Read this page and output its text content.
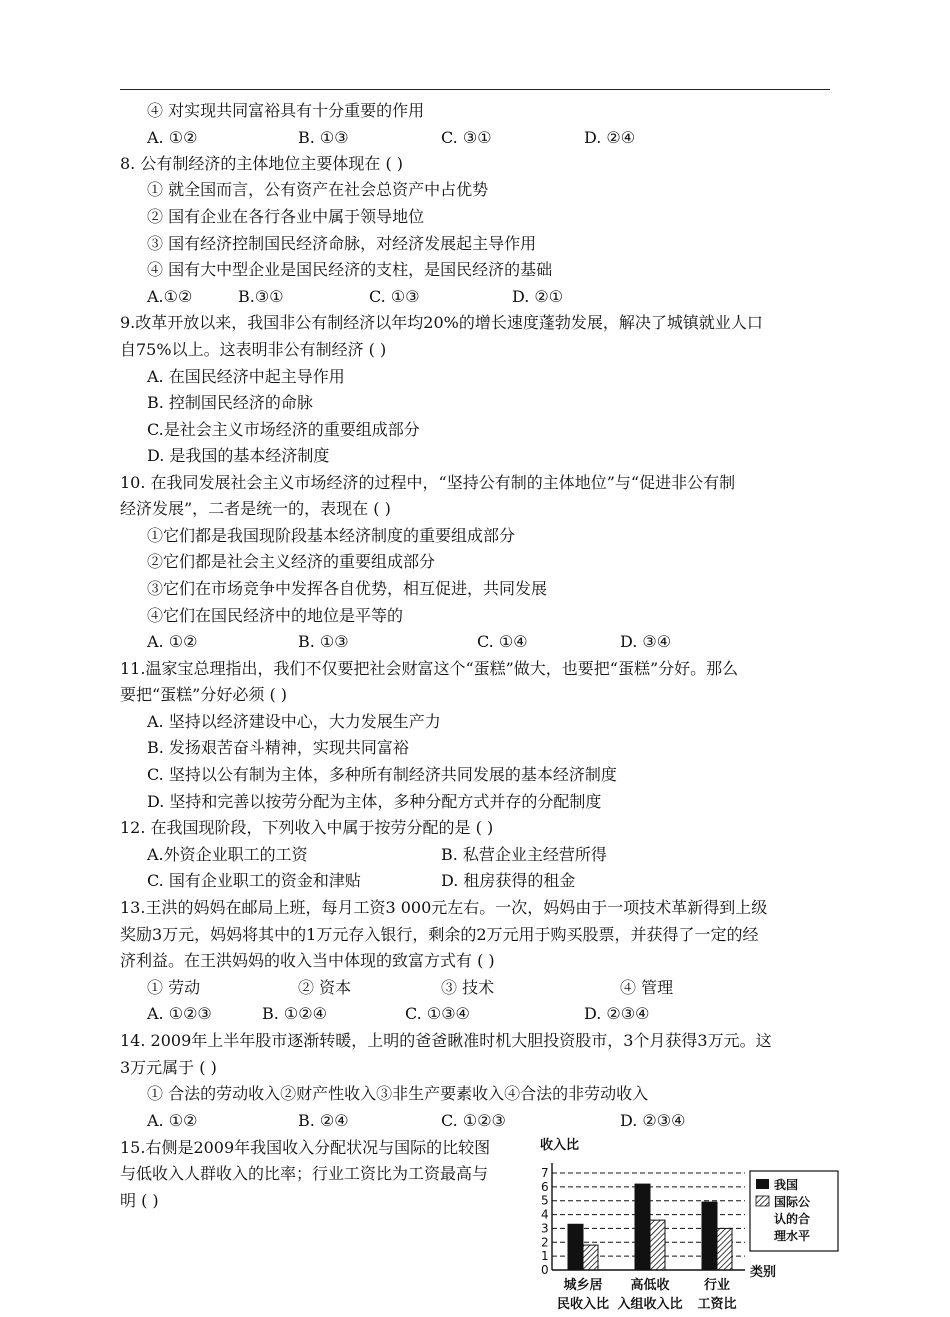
④ 对实现共同富裕具有十分重要的作用
8. 公有制经济的主体地位主要体现在 ( )
① 就全国而言，公有资产在社会总资产中占优势
② 国有企业在各行各业中属于领导地位
③ 国有经济控制国民经济命脉，对经济发展起主导作用
④ 国有大中型企业是国民经济的支柱，是国民经济的基础
9.改革开放以来，我国非公有制经济以年均20%的增长速度蓬勃发展，解决了城镇就业人口
自75%以上。这表明非公有制经济 ( )
A. 在国民经济中起主导作用
B. 控制国民经济的命脉
C.是社会主义市场经济的重要组成部分
D. 是我国的基本经济制度
10. 在我同发展社会主义市场经济的过程中，“坚持公有制的主体地位”与“促进非公有制
经济发展”，二者是统一的，表现在 ( )
①它们都是我国现阶段基本经济制度的重要组成部分
②它们都是社会主义经济的重要组成部分
③它们在市场竞争中发挥各自优势，相互促进，共同发展
④它们在国民经济中的地位是平等的
11.温家宝总理指出，我们不仅要把社会财富这个“蛋糕”做大，也要把“蛋糕”分好。那么
要把“蛋糕”分好必须 ( )
A. 坚持以经济建设中心，大力发展生产力
B. 发扬艰苦奋斗精神，实现共同富裕
C. 坚持以公有制为主体，多种所有制经济共同发展的基本经济制度
D. 坚持和完善以按劳分配为主体，多种分配方式并存的分配制度
12. 在我国现阶段，下列收入中属于按劳分配的是 ( )
13.王洪的妈妈在邮局上班，每月工资3 000元左右。一次，妈妈由于一项技术革新得到上级
奖励3万元，妈妈将其中的1万元存入银行，剩余的2万元用于购买股票，并获得了一定的经
济利益。在王洪妈妈的收入当中体现的致富方式有 ( )
14. 2009年上半年股市逐渐转暖，上明的爸爸瞅准时机大胆投资股市，3个月获得3万元。这
3万元属于 ( )
① 合法的劳动收入②财产性收入③非生产要素收入④合法的非劳动收入
15.右侧是2009年我国收入分配状况与国际的比较图
与低收入人群收入的比率；行业工资比为工资最高与
明 ( )
A. ①②	B. ①③	C. ③①	D. ②④
A.①②	B.③①	C. ①③	D. ②①
A. ①②	B. ①③	C. ①④	D. ③④
A.外资企业职工的工资	B. 私营企业主经营所得
C. 国有企业职工的资金和津贴	D. 租房获得的租金
① 劳动	② 资本	③ 技术	④ 管理
A. ①②③	B. ①②④	C. ①③④	D. ②③④
A. ①②	B. ②④	C. ①②③	D. ②③④
收入比
类别
0
1
2
3
4
5
6
7
城乡居
民收入比
高低收
入组收入比
行业
工资比
我国
国际公
认的合
理水平
